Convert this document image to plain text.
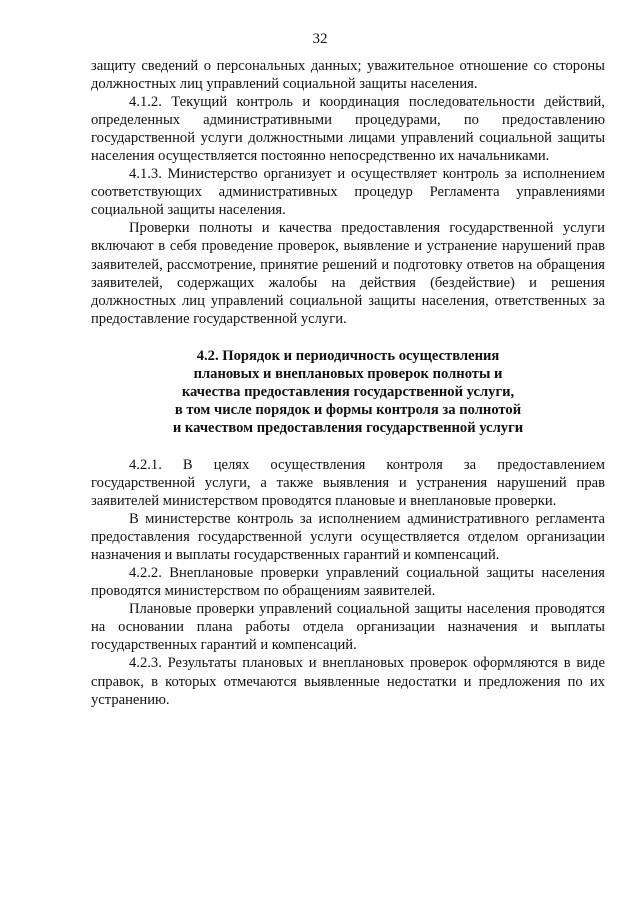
32

защиту сведений о персональных данных; уважительное отношение со стороны должностных лиц управлений социальной защиты населения.

4.1.2. Текущий контроль и координация последовательности действий, определенных административными процедурами, по предоставлению государственной услуги должностными лицами управлений социальной защиты населения осуществляется постоянно непосредственно их начальниками.

4.1.3. Министерство организует и осуществляет контроль за исполнением соответствующих административных процедур Регламента управлениями социальной защиты населения.

Проверки полноты и качества предоставления государственной услуги включают в себя проведение проверок, выявление и устранение нарушений прав заявителей, рассмотрение, принятие решений и подготовку ответов на обращения заявителей, содержащих жалобы на действия (бездействие) и решения должностных лиц управлений социальной защиты населения, ответственных за предоставление государственной услуги.

4.2. Порядок и периодичность осуществления
плановых и внеплановых проверок полноты и
качества предоставления государственной услуги,
в том числе порядок и формы контроля за полнотой
и качеством предоставления государственной услуги

4.2.1. В целях осуществления контроля за предоставлением государственной услуги, а также выявления и устранения нарушений прав заявителей министерством проводятся плановые и внеплановые проверки.

В министерстве контроль за исполнением административного регламента предоставления государственной услуги осуществляется отделом организации назначения и выплаты государственных гарантий и компенсаций.

4.2.2. Внеплановые проверки управлений социальной защиты населения проводятся министерством по обращениям заявителей.

Плановые проверки управлений социальной защиты населения проводятся на основании плана работы отдела организации назначения и выплаты государственных гарантий и компенсаций.

4.2.3. Результаты плановых и внеплановых проверок оформляются в виде справок, в которых отмечаются выявленные недостатки и предложения по их устранению.
